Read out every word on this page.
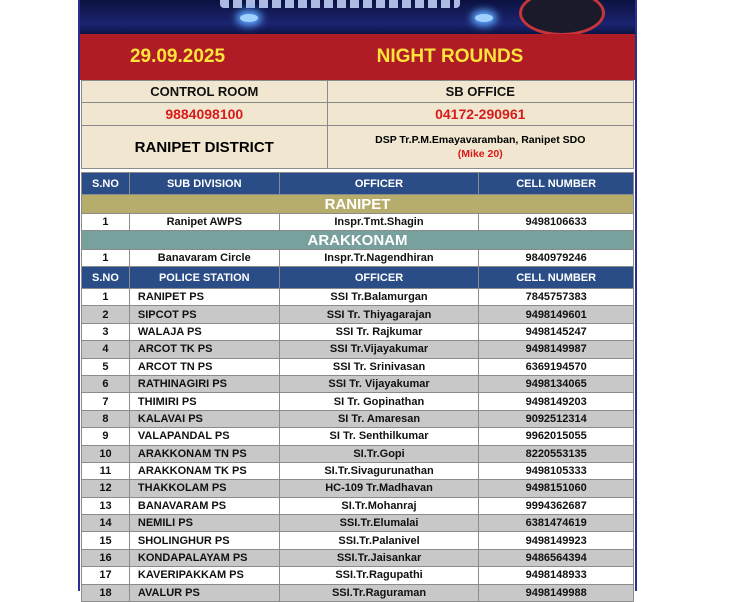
29.09.2025	NIGHT ROUNDS
CONTROL ROOM	SB OFFICE
9884098100	04172-290961
RANIPET DISTRICT	DSP Tr.P.M.Emayavaramban, Ranipet SDO
(Mike 20)
S.NO	SUB DIVISION	OFFICER	CELL NUMBER
RANIPET			
1	Ranipet AWPS	Inspr.Tmt.Shagin	9498106633
ARAKKONAM			
1	Banavaram Circle	Inspr.Tr.Nagendhiran	9840979246
S.NO	POLICE STATION	OFFICER	CELL NUMBER
1	RANIPET PS	SSI Tr.Balamurgan	7845757383
2	SIPCOT PS	SSI Tr. Thiyagarajan	9498149601
3	WALAJA PS	SSI Tr. Rajkumar	9498145247
4	ARCOT TK PS	SSI Tr.Vijayakumar	9498149987
5	ARCOT TN PS	SSI Tr. Srinivasan	6369194570
6	RATHINAGIRI PS	SSI Tr. Vijayakumar	9498134065
7	THIMIRI PS	SI Tr. Gopinathan	9498149203
8	KALAVAI PS	SI Tr. Amaresan	9092512314
9	VALAPANDAL PS	SI Tr. Senthilkumar	9962015055
10	ARAKKONAM TN PS	SI.Tr.Gopi	8220553135
11	ARAKKONAM TK PS	SI.Tr.Sivagurunathan	9498105333
12	THAKKOLAM PS	HC-109 Tr.Madhavan	9498151060
13	BANAVARAM PS	SI.Tr.Mohanraj	9994362687
14	NEMILI PS	SSI.Tr.Elumalai	6381474619
15	SHOLINGHUR PS	SSI.Tr.Palanivel	9498149923
16	KONDAPALAYAM PS	SSI.Tr.Jaisankar	9486564394
17	KAVERIPAKKAM PS	SSI.Tr.Ragupathi	9498148933
18	AVALUR PS	SSI.Tr.Raguraman	9498149988
